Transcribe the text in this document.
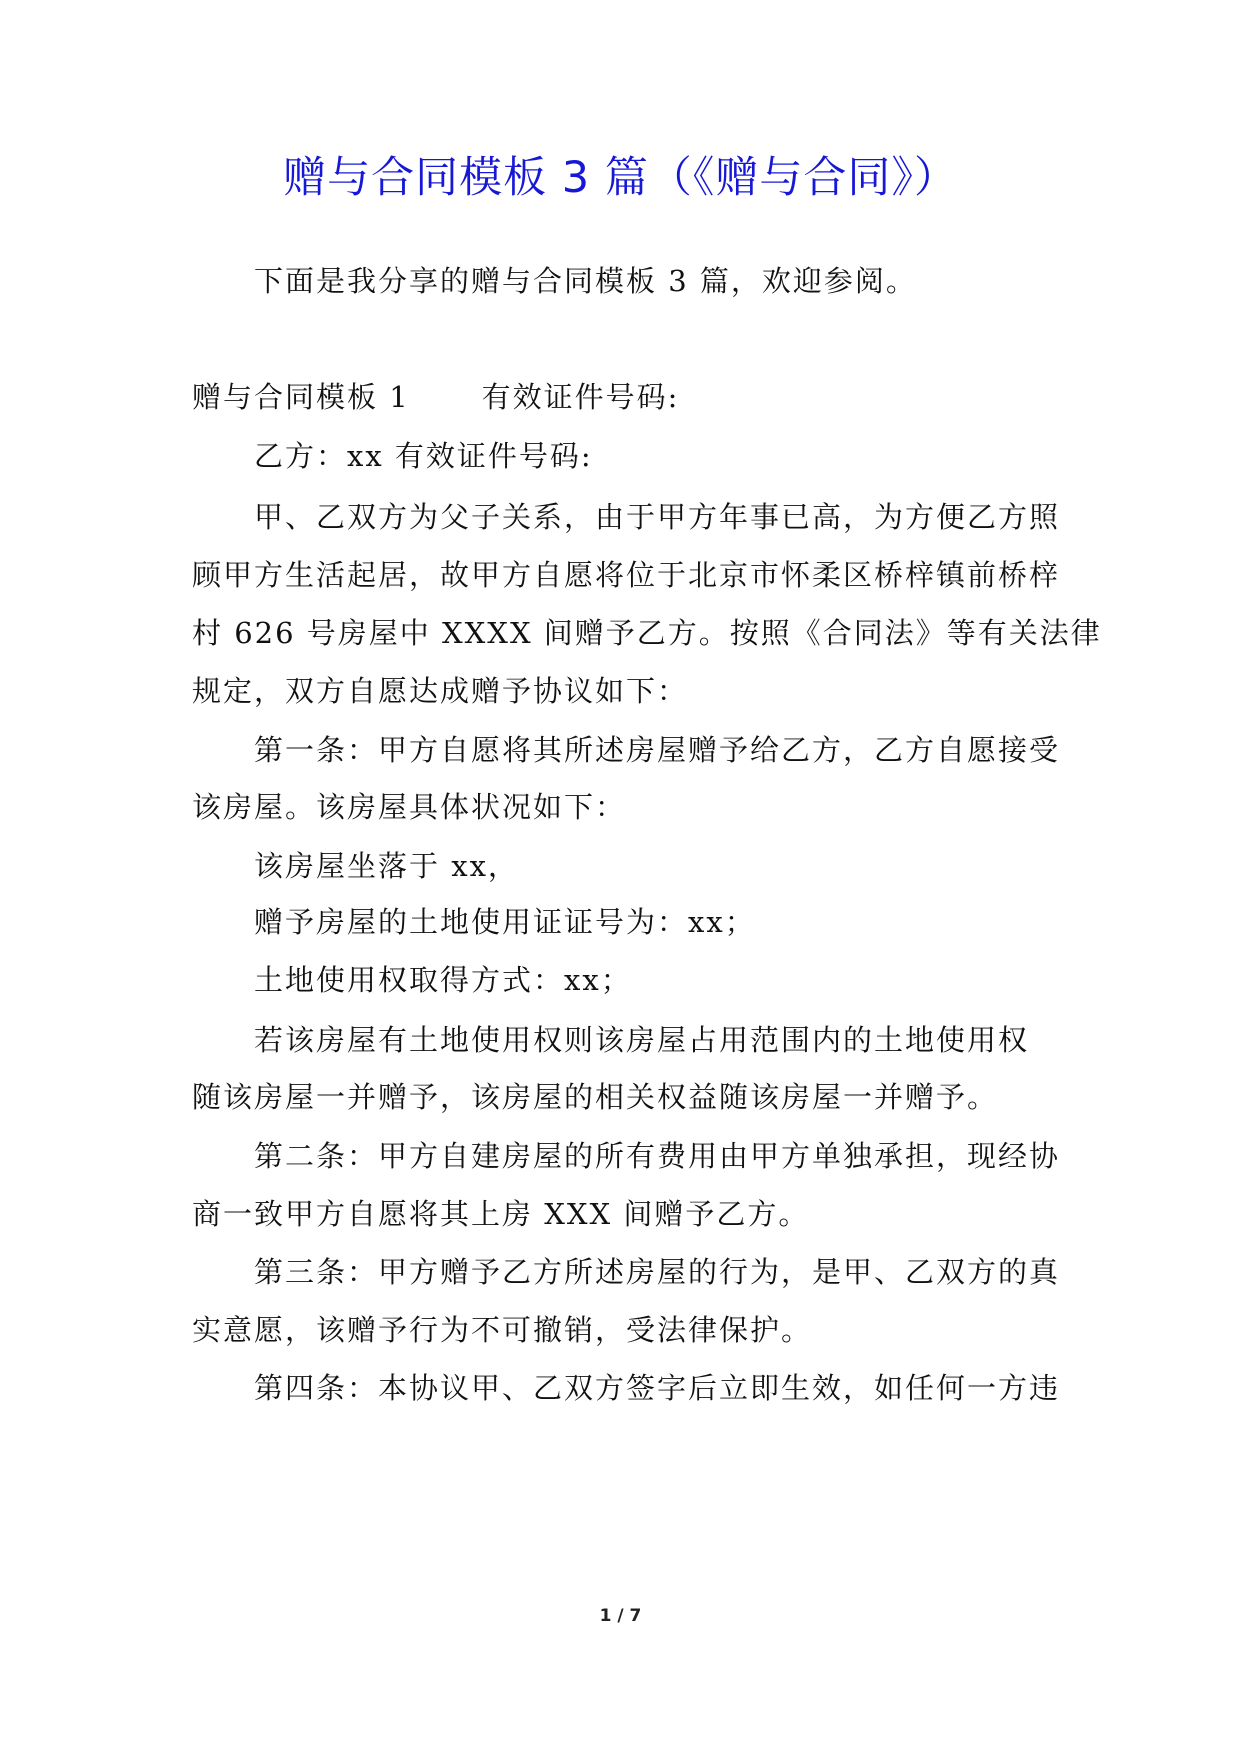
赠与合同模板 3 篇（《赠与合同》）
下面是我分享的赠与合同模板 3 篇，欢迎参阅。
赠与合同模板 1 有效证件号码:
乙方：xx 有效证件号码:
甲、乙双方为父子关系，由于甲方年事已高，为方便乙方照
顾甲方生活起居，故甲方自愿将位于北京市怀柔区桥梓镇前桥梓
村 626 号房屋中 XXXX 间赠予乙方。按照《合同法》等有关法律
规定，双方自愿达成赠予协议如下：
第一条：甲方自愿将其所述房屋赠予给乙方，乙方自愿接受
该房屋。该房屋具体状况如下：
该房屋坐落于 xx，
赠予房屋的土地使用证证号为：xx；
土地使用权取得方式：xx；
若该房屋有土地使用权则该房屋占用范围内的土地使用权
随该房屋一并赠予，该房屋的相关权益随该房屋一并赠予。
第二条：甲方自建房屋的所有费用由甲方单独承担，现经协
商一致甲方自愿将其上房 XXX 间赠予乙方。
第三条：甲方赠予乙方所述房屋的行为，是甲、乙双方的真
实意愿，该赠予行为不可撤销，受法律保护。
第四条：本协议甲、乙双方签字后立即生效，如任何一方违
1 / 7
